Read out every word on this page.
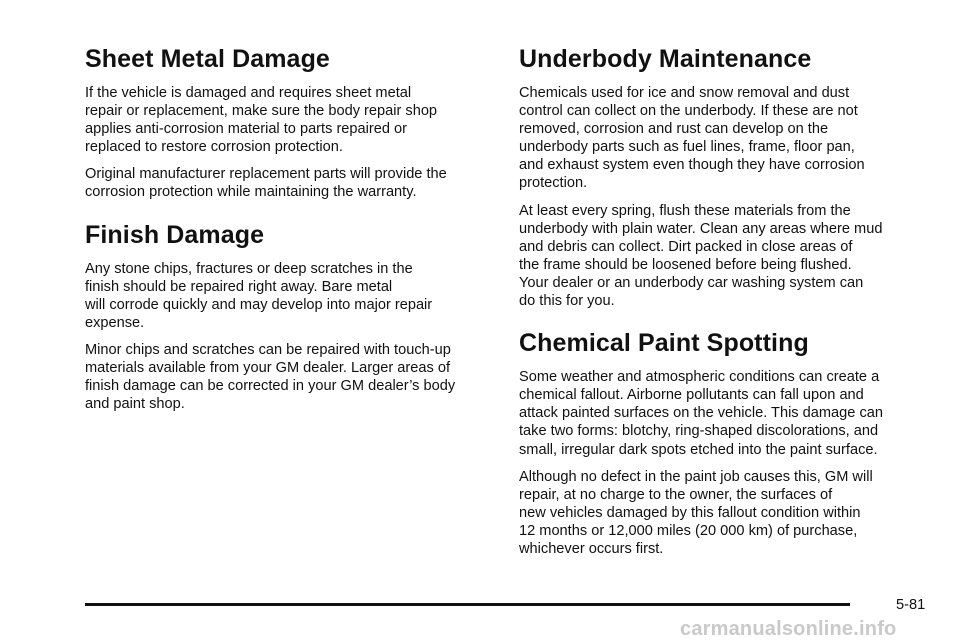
Sheet Metal Damage

If the vehicle is damaged and requires sheet metal
repair or replacement, make sure the body repair shop
applies anti-corrosion material to parts repaired or
replaced to restore corrosion protection.

Original manufacturer replacement parts will provide the
corrosion protection while maintaining the warranty.

Finish Damage

Any stone chips, fractures or deep scratches in the
finish should be repaired right away. Bare metal
will corrode quickly and may develop into major repair
expense.

Minor chips and scratches can be repaired with touch-up
materials available from your GM dealer. Larger areas of
finish damage can be corrected in your GM dealer’s body
and paint shop.

Underbody Maintenance

Chemicals used for ice and snow removal and dust
control can collect on the underbody. If these are not
removed, corrosion and rust can develop on the
underbody parts such as fuel lines, frame, floor pan,
and exhaust system even though they have corrosion
protection.

At least every spring, flush these materials from the
underbody with plain water. Clean any areas where mud
and debris can collect. Dirt packed in close areas of
the frame should be loosened before being flushed.
Your dealer or an underbody car washing system can
do this for you.

Chemical Paint Spotting

Some weather and atmospheric conditions can create a
chemical fallout. Airborne pollutants can fall upon and
attack painted surfaces on the vehicle. This damage can
take two forms: blotchy, ring-shaped discolorations, and
small, irregular dark spots etched into the paint surface.

Although no defect in the paint job causes this, GM will
repair, at no charge to the owner, the surfaces of
new vehicles damaged by this fallout condition within
12 months or 12,000 miles (20 000 km) of purchase,
whichever occurs first.

5-81
carmanualsonline.info
